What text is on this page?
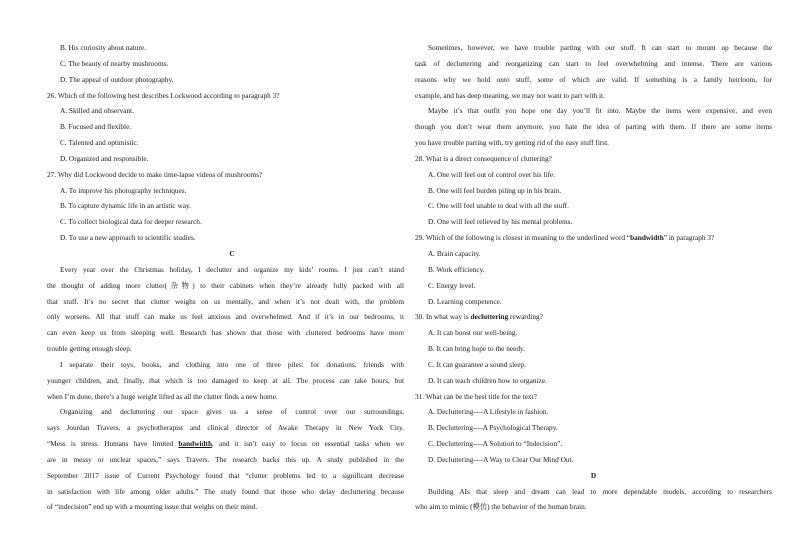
B. His curiosity about nature.
C. The beauty of nearby mushrooms.
D. The appeal of outdoor photography.
26. Which of the following best describes Lockwood according to paragraph 3?
A. Skilled and observant.
B. Focused and flexible.
C. Talented and optimistic.
D. Organized and responsible.
27. Why did Lockwood decide to make time-lapse videos of mushrooms?
A. To improve his photography techniques.
B. To capture dynamic life in an artistic way.
C. To collect biological data for deeper research.
D. To use a new approach to scientific studies.
C
Every year over the Christmas holiday, I declutter and organize my kids’ rooms. I just can’t stand
the thought of adding more clutter(杂物) to their cabinets when they’re already fully packed with all
that stuff. It’s no secret that clutter weighs on us mentally, and when it’s not dealt with, the problem
only worsens. All that stuff can make us feel anxious and overwhelmed. And if it’s in our bedrooms, it
can even keep us from sleeping well. Research has shown that those with cluttered bedrooms have more
trouble getting enough sleep.
I separate their toys, books, and clothing into one of three piles: for donations, friends with
younger children, and, finally, that which is too damaged to keep at all. The process can take hours, but
when I’m done, there’s a huge weight lifted as all the clutter finds a new home.
Organizing and decluttering our space gives us a sense of control over our surroundings,
says Jourdan Travers, a psychotherapist and clinical director of Awake Therapy in New York City.
“Mess is stress. Humans have limited bandwidth, and it isn’t easy to focus on essential tasks when we
are in messy or unclear spaces,” says Travers. The research backs this up. A study published in the
September 2017 issue of Current Psychology found that “clutter problems led to a significant decrease
in satisfaction with life among older adults.” The study found that those who delay decluttering because
of “indecision” end up with a mounting issue that weighs on their mind.
Sometimes, however, we have trouble parting with our stuff. It can start to mount up because the
task of decluttering and reorganizing can start to feel overwhelming and intense. There are various
reasons why we hold onto stuff, some of which are valid. If something is a family heirloom, for
example, and has deep meaning, we may not want to part with it.
Maybe it’s that outfit you hope one day you’ll fit into. Maybe the items were expensive, and even
though you don’t wear them anymore, you hate the idea of parting with them. If there are some items
you have trouble parting with, try getting rid of the easy stuff first.
28. What is a direct consequence of cluttering?
A. One will feel out of control over his life.
B. One will feel burden piling up in his brain.
C. One will feel unable to deal with all the stuff.
D. One will feel relieved by his mental problems.
29. Which of the following is closest in meaning to the underlined word “bandwidth” in paragraph 3?
A. Brain capacity.
B. Work efficiency.
C. Energy level.
D. Learning competence.
30. In what way is decluttering rewarding?
A. It can boost our well-being.
B. It can bring hope to the needy.
C. It can guarantee a sound sleep.
D. It can teach children how to organize.
31. What can be the best title for the text?
A. Decluttering----A Lifestyle in fashion.
B. Decluttering----A Psychological Therapy.
C. Decluttering----A Solution to “Indecision”.
D. Decluttering----A Way to Clear Our Mind Out.
D
Building AIs that sleep and dream can lead to more dependable models, according to researchers
who aim to mimic (模仿) the behavior of the human brain.
